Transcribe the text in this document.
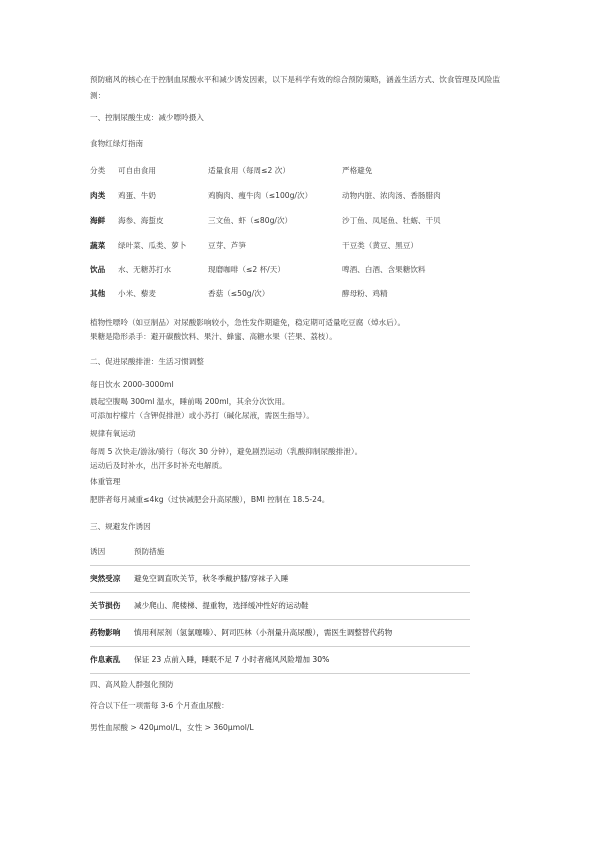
预防痛风的核心在于控制血尿酸水平和减少诱发因素，以下是科学有效的综合预防策略，涵盖生活方式、饮食管理及风险监测：
一、控制尿酸生成：减少嘌呤摄入
食物红绿灯指南
分类 可自由食用	适量食用（每周≤2 次）	严格避免
肉类 鸡蛋、牛奶	鸡胸肉、瘦牛肉（≤100g/次）	动物内脏、浓肉汤、香肠腊肉
海鲜 海参、海蜇皮	三文鱼、虾（≤80g/次）	沙丁鱼、凤尾鱼、牡蛎、干贝
蔬菜 绿叶菜、瓜类、萝卜	豆芽、芦笋	干豆类（黄豆、黑豆）
饮品 水、无糖苏打水	现磨咖啡（≤2 杯/天）	啤酒、白酒、含果糖饮料
其他 小米、藜麦	香菇（≤50g/次）	酵母粉、鸡精
植物性嘌呤（如豆制品）对尿酸影响较小，急性发作期避免，稳定期可适量吃豆腐（焯水后）。
果糖是隐形杀手：避开碳酸饮料、果汁、蜂蜜、高糖水果（芒果、荔枝）。
二、促进尿酸排泄：生活习惯调整
每日饮水 2000-3000ml
晨起空腹喝 300ml 温水，睡前喝 200ml，其余分次饮用。
可添加柠檬片（含钾促排泄）或小苏打（碱化尿液，需医生指导）。
规律有氧运动
每周 5 次快走/游泳/骑行（每次 30 分钟），避免剧烈运动（乳酸抑制尿酸排泄）。
运动后及时补水，出汗多时补充电解质。
体重管理
肥胖者每月减重≤4kg（过快减肥会升高尿酸），BMI 控制在 18.5-24。
三、规避发作诱因
诱因	预防措施
突然受凉 避免空调直吹关节，秋冬季戴护膝/穿袜子入睡
关节损伤 减少爬山、爬楼梯、提重物，选择缓冲性好的运动鞋
药物影响 慎用利尿剂（氢氯噻嗪）、阿司匹林（小剂量升高尿酸），需医生调整替代药物
作息紊乱 保证 23 点前入睡，睡眠不足 7 小时者痛风风险增加 30%
四、高风险人群强化预防
符合以下任一项需每 3-6 个月查血尿酸：
男性血尿酸 > 420μmol/L，女性 > 360μmol/L
